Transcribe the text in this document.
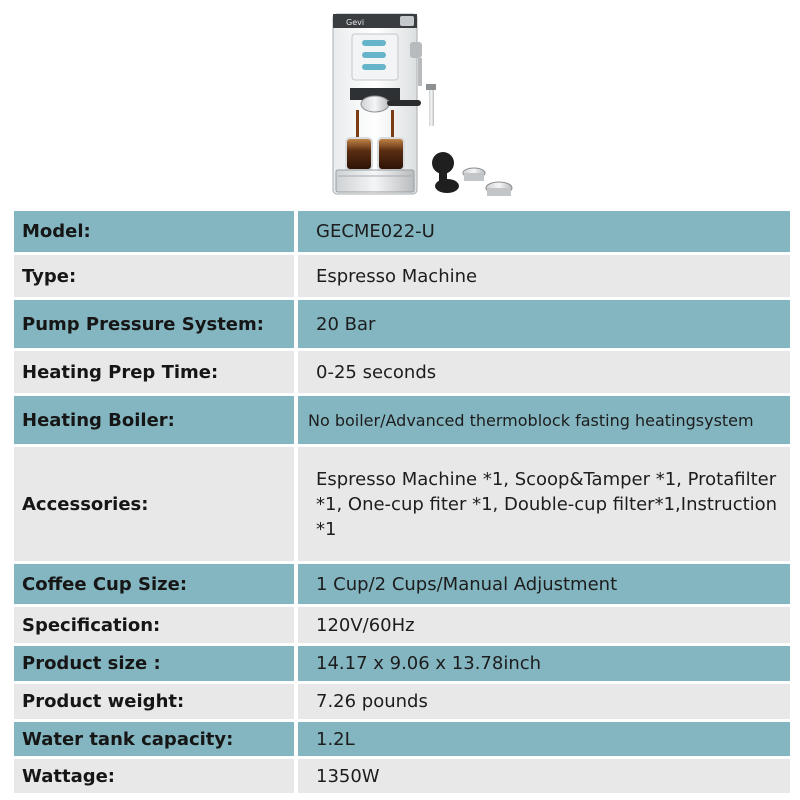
Gevi
Model:		GECME022-U
Type:		Espresso Machine
Pump Pressure System:		20 Bar
Heating Prep Time:		0-25 seconds
Heating Boiler:		No boiler/Advanced thermoblock fasting heatingsystem
Accessories:		Espresso Machine *1, Scoop&Tamper *1, Protafilter *1, One-cup fiter *1, Double-cup filter*1,Instruction *1
Coffee Cup Size:		1 Cup/2 Cups/Manual Adjustment
Specification:		120V/60Hz
Product size :		14.17 x 9.06 x 13.78inch
Product weight:		7.26 pounds
Water tank capacity:		1.2L
Wattage:		1350W
